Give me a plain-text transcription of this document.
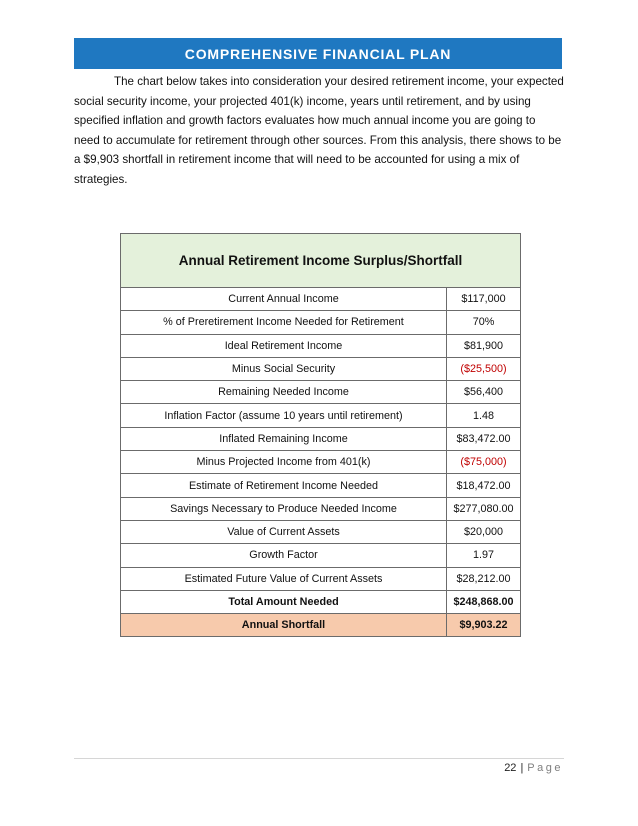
COMPREHENSIVE FINANCIAL PLAN

The chart below takes into consideration your desired retirement income, your expected social security income, your projected 401(k) income, years until retirement, and by using specified inflation and growth factors evaluates how much annual income you are going to need to accumulate for retirement through other sources. From this analysis, there shows to be a $9,903 shortfall in retirement income that will need to be accounted for using a mix of strategies.

Annual Retirement Income Surplus/Shortfall
Current Annual Income	$117,000
% of Preretirement Income Needed for Retirement	70%
Ideal Retirement Income	$81,900
Minus Social Security	($25,500)
Remaining Needed Income	$56,400
Inflation Factor (assume 10 years until retirement)	1.48
Inflated Remaining Income	$83,472.00
Minus Projected Income from 401(k)	($75,000)
Estimate of Retirement Income Needed	$18,472.00
Savings Necessary to Produce Needed Income	$277,080.00
Value of Current Assets	$20,000
Growth Factor	1.97
Estimated Future Value of Current Assets	$28,212.00
Total Amount Needed	$248,868.00
Annual Shortfall	$9,903.22
22 | Page
